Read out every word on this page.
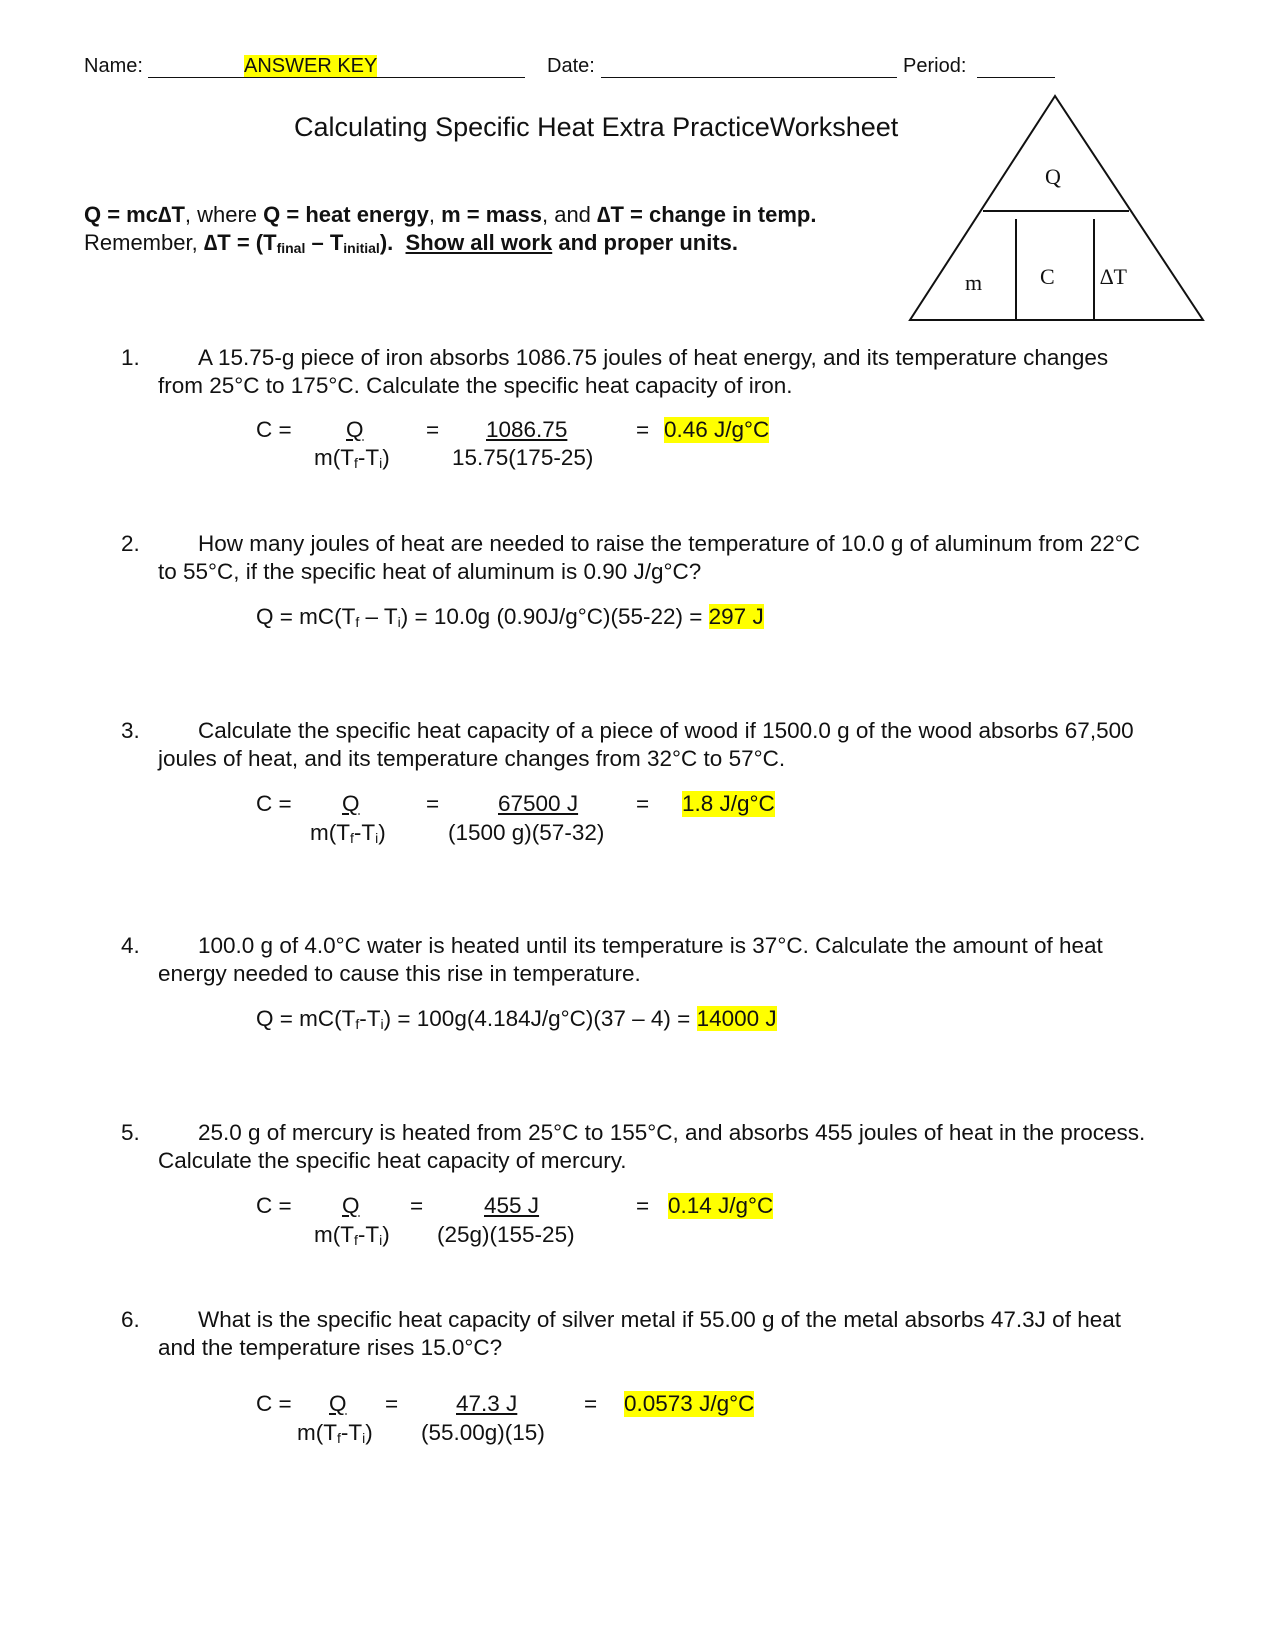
Name:	ANSWER KEY	Date:	Period:
Calculating Specific Heat Extra PracticeWorksheet
Q = mc∆T, where Q = heat energy, m = mass, and ∆T = change in temp.
Remember, $\Delta T = (T_{final} - T_{initial})$. Show all work and proper units.
Q
m	C ∆T
1.	A 15.75-g piece of iron absorbs 1086.75 joules of heat energy, and its temperature changes from 25°C to 175°C. Calculate the specific heat capacity of iron.
C = Q
$m(T_f-T_i)$
= 1086.75
15.75(175-25)
= 0.46 J/g°C
2.	How many joules of heat are needed to raise the temperature of 10.0 g of aluminum from 22°C to 55°C, if the specific heat of aluminum is 0.90 J/g°C?
$Q = mC(T_f - T_i) = 10.0g$ (0.90J/g°C)(55-22) = 297 J
3.	Calculate the specific heat capacity of a piece of wood if 1500.0 g of the wood absorbs 67,500 joules of heat, and its temperature changes from 32°C to 57°C.
C = Q
$m(T_f-T_i)$
=	67500 J
(1500 g)(57-32)
= 1.8 J/g°C
4.	100.0 g of 4.0°C water is heated until its temperature is 37°C. Calculate the amount of heat energy needed to cause this rise in temperature.
$Q = mC(T_f-T_i) = 100g(4.184J/g^\circ C)(37 - 4) = 14000$ J
5.	25.0 g of mercury is heated from 25°C to 155°C, and absorbs 455 joules of heat in the process. Calculate the specific heat capacity of mercury.
C = Q
$m(T_f-T_i)$
=	455 J
(25g)(155-25)
= 0.14 J/g°C
6.	What is the specific heat capacity of silver metal if 55.00 g of the metal absorbs 47.3J of heat and the temperature rises 15.0°C?
C = Q
$m(T_f-T_i)$
=	47.3 J
(55.00g)(15)
= 0.0573 J/g°C
